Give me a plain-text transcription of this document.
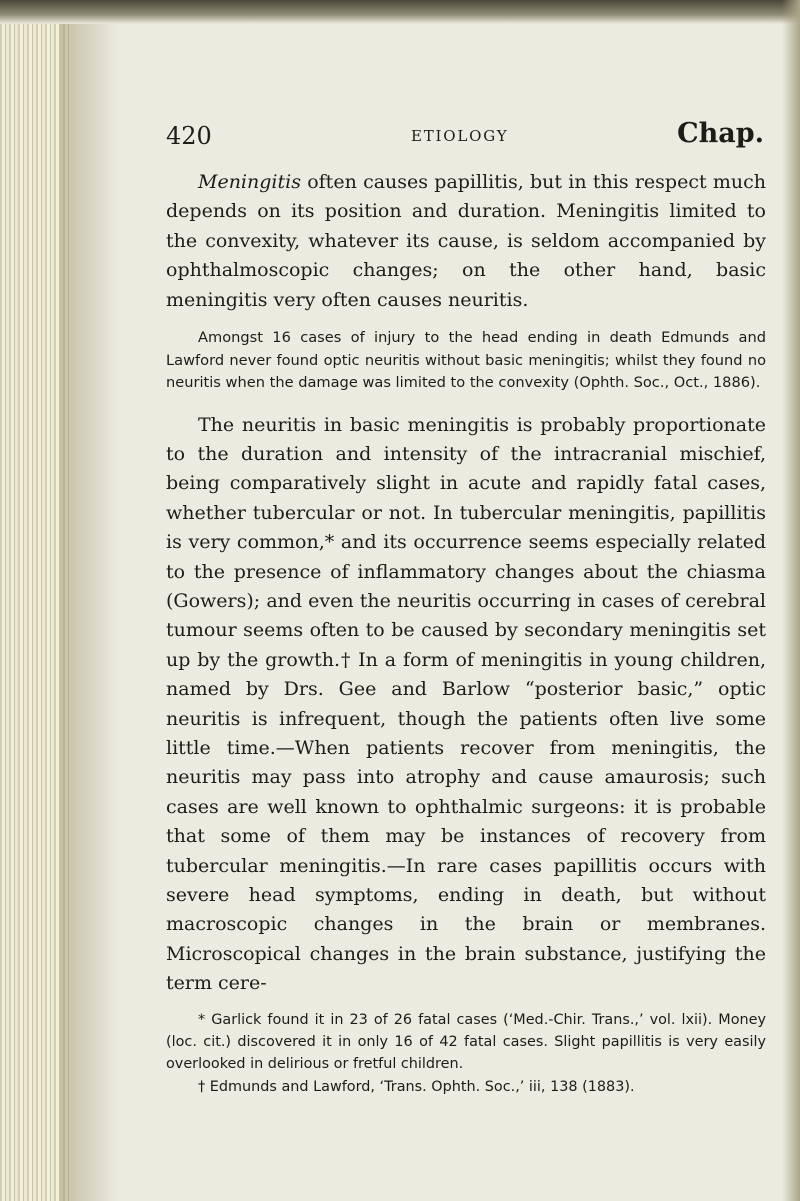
420	ETIOLOGY	Chap.

Meningitis often causes papillitis, but in this respect much depends on its position and duration. Meningitis limited to the convexity, whatever its cause, is seldom accompanied by ophthalmoscopic changes; on the other hand, basic meningitis very often causes neuritis.

Amongst 16 cases of injury to the head ending in death Edmunds and Lawford never found optic neuritis without basic meningitis; whilst they found no neuritis when the damage was limited to the convexity (Ophth. Soc., Oct., 1886).

The neuritis in basic meningitis is probably proportionate to the duration and intensity of the intracranial mischief, being comparatively slight in acute and rapidly fatal cases, whether tubercular or not. In tubercular meningitis, papillitis is very common,* and its occurrence seems especially related to the presence of inflammatory changes about the chiasma (Gowers); and even the neuritis occurring in cases of cerebral tumour seems often to be caused by secondary meningitis set up by the growth.† In a form of meningitis in young children, named by Drs. Gee and Barlow “posterior basic,” optic neuritis is infrequent, though the patients often live some little time.—When patients recover from meningitis, the neuritis may pass into atrophy and cause amaurosis; such cases are well known to ophthalmic surgeons: it is probable that some of them may be instances of recovery from tubercular meningitis.—In rare cases papillitis occurs with severe head symptoms, ending in death, but without macroscopic changes in the brain or membranes. Microscopical changes in the brain substance, justifying the term cere-

* Garlick found it in 23 of 26 fatal cases (‘Med.-Chir. Trans.,’ vol. lxii). Money (loc. cit.) discovered it in only 16 of 42 fatal cases. Slight papillitis is very easily overlooked in delirious or fretful children.

† Edmunds and Lawford, ‘Trans. Ophth. Soc.,’ iii, 138 (1883).
